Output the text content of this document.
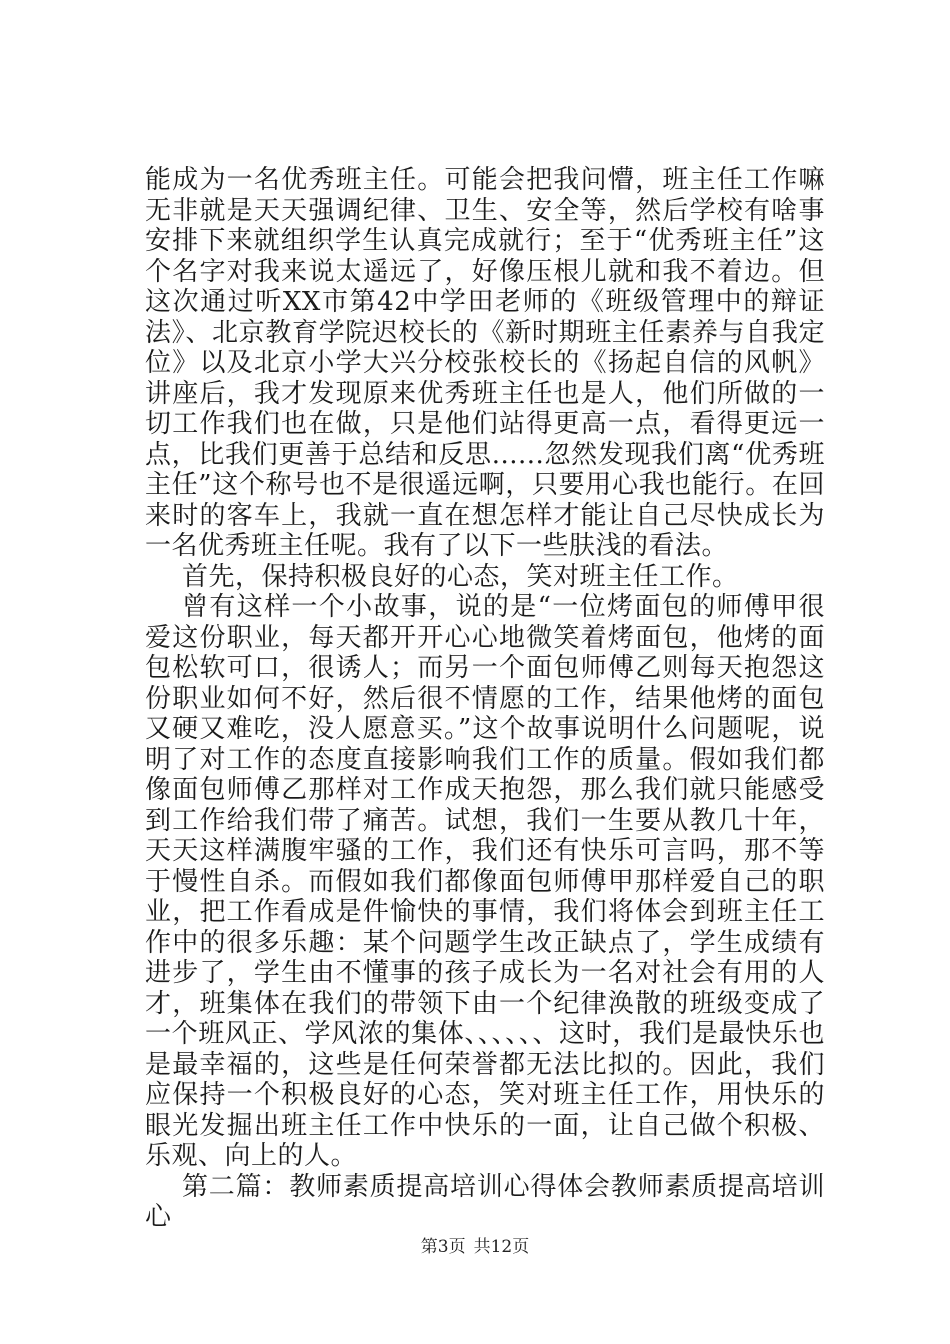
能成为一名优秀班主任。可能会把我问懵，班主任工作嘛无非就是天天强调纪律、卫生、安全等，然后学校有啥事安排下来就组织学生认真完成就行；至于“优秀班主任”这个名字对我来说太遥远了，好像压根儿就和我不着边。但这次通过听XX市第42中学田老师的《班级管理中的辩证法》、北京教育学院迟校长的《新时期班主任素养与自我定位》以及北京小学大兴分校张校长的《扬起自信的风帆》讲座后，我才发现原来优秀班主任也是人，他们所做的一切工作我们也在做，只是他们站得更高一点，看得更远一点，比我们更善于总结和反思......忽然发现我们离“优秀班主任”这个称号也不是很遥远啊，只要用心我也能行。在回来时的客车上，我就一直在想怎样才能让自己尽快成长为一名优秀班主任呢。我有了以下一些肤浅的看法。

首先，保持积极良好的心态，笑对班主任工作。

曾有这样一个小故事，说的是“一位烤面包的师傅甲很爱这份职业，每天都开开心心地微笑着烤面包，他烤的面包松软可口，很诱人；而另一个面包师傅乙则每天抱怨这份职业如何不好，然后很不情愿的工作，结果他烤的面包又硬又难吃，没人愿意买。”这个故事说明什么问题呢，说明了对工作的态度直接影响我们工作的质量。假如我们都像面包师傅乙那样对工作成天抱怨，那么我们就只能感受到工作给我们带了痛苦。试想，我们一生要从教几十年，天天这样满腹牢骚的工作，我们还有快乐可言吗，那不等于慢性自杀。而假如我们都像面包师傅甲那样爱自己的职业，把工作看成是件愉快的事情，我们将体会到班主任工作中的很多乐趣：某个问题学生改正缺点了，学生成绩有进步了，学生由不懂事的孩子成长为一名对社会有用的人才，班集体在我们的带领下由一个纪律涣散的班级变成了一个班风正、学风浓的集体、、、、、、这时，我们是最快乐也是最幸福的，这些是任何荣誉都无法比拟的。因此，我们应保持一个积极良好的心态，笑对班主任工作，用快乐的眼光发掘出班主任工作中快乐的一面，让自己做个积极、乐观、向上的人。

第二篇：教师素质提高培训心得体会教师素质提高培训心

第3页 共12页
